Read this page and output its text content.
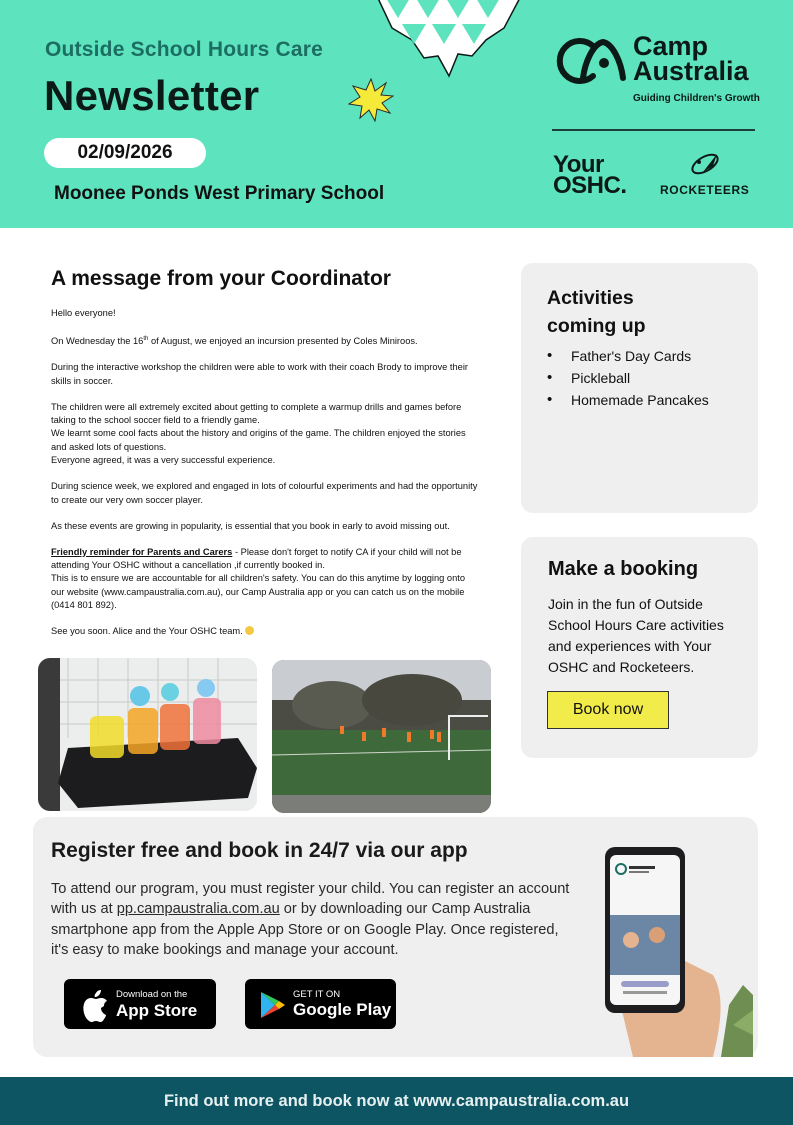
Outside School Hours Care
Newsletter
02/09/2026
Moonee Ponds West Primary School
Camp
Australia
Guiding Children's Growth
Your
OSHC.	ROCKETEERS
A message from your Coordinator

Hello everyone!

On Wednesday the 16th of August, we enjoyed an incursion presented by Coles Miniroos.

During the interactive workshop the children were able to work with their coach Brody to improve their skills in soccer.

The children were all extremely excited about getting to complete a warmup drills and games before taking to the school soccer field to a friendly game.

We learnt some cool facts about the history and origins of the game. The children enjoyed the stories and asked lots of questions.

Everyone agreed, it was a very successful experience.

During science week, we explored and engaged in lots of colourful experiments and had the opportunity to create our very own soccer player.

As these events are growing in popularity, is essential that you book in early to avoid missing out.

Friendly reminder for Parents and Carers - Please don't forget to notify CA if your child will not be attending Your OSHC without a cancellation ,if currently booked in.

This is to ensure we are accountable for all children's safety. You can do this anytime by logging onto our website (www.campaustralia.com.au), our Camp Australia app or you can catch us on the mobile (0414 801 892).

See you soon. Alice and the Your OSHC team.

Activities
coming up
• Father's Day Cards
• Pickleball
• Homemade Pancakes
Make a booking
Join in the fun of Outside School Hours Care activities and experiences with Your OSHC and Rocketeers.
Book now
Register free and book in 24/7 via our app
To attend our program, you must register your child. You can register an account with us at pp.campaustralia.com.au or by downloading our Camp Australia smartphone app from the Apple App Store or on Google Play. Once registered, it's easy to make bookings and manage your account.
Download on the
App Store
GET IT ON
Google Play
Find out more and book now at www.campaustralia.com.au
